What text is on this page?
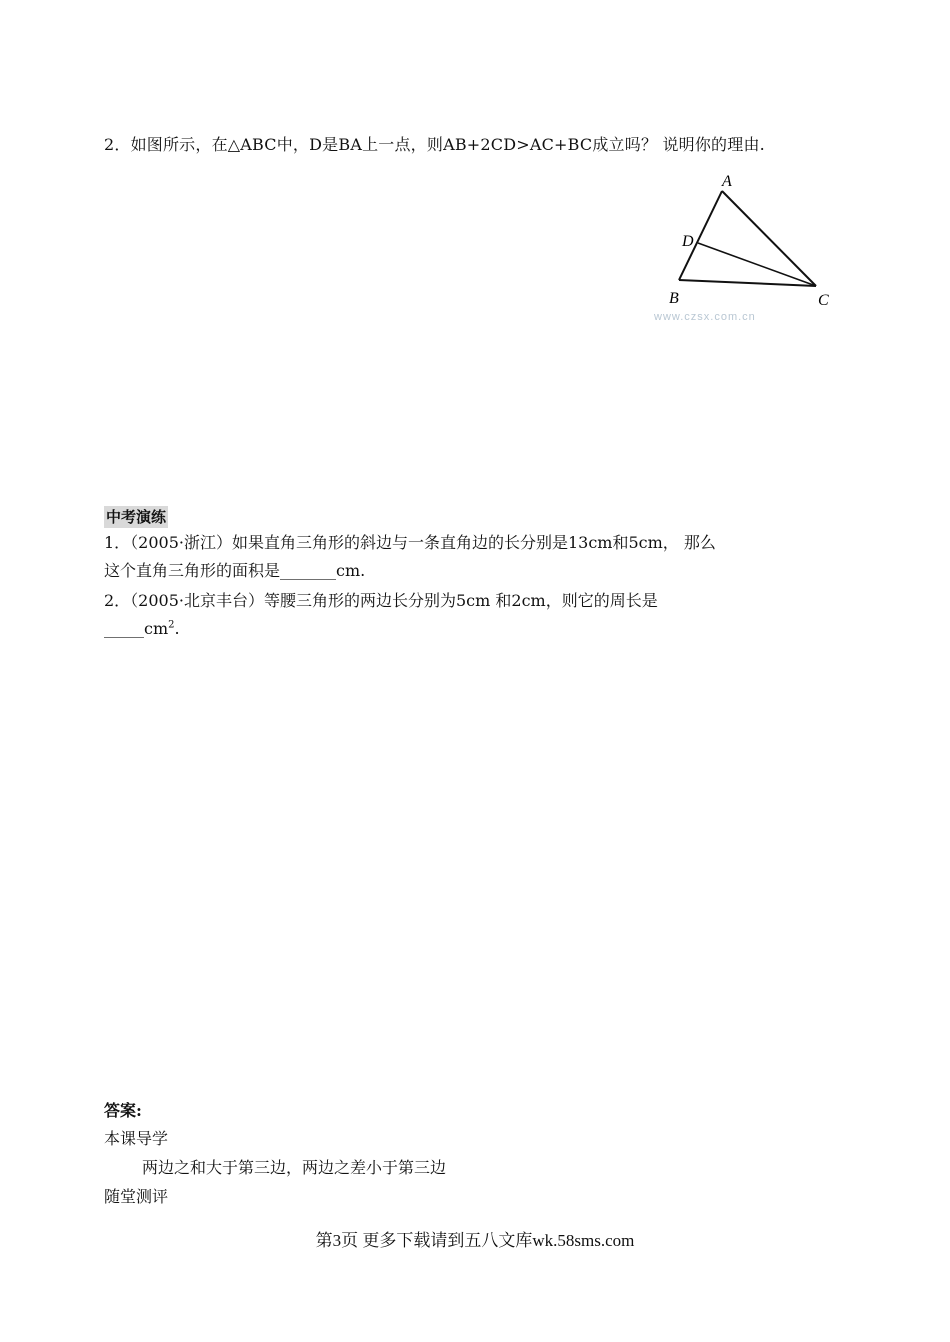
2．如图所示，在△ABC中，D是BA上一点，则AB+2CD>AC+BC成立吗？ 说明你的理由.
A
D
B	C
www.czsx.com.cn
中考演练
1．（2005·浙江）如果直角三角形的斜边与一条直角边的长分别是13cm和5cm， 那么
这个直角三角形的面积是_______cm.
2．（2005·北京丰台）等腰三角形的两边长分别为5cm 和2cm，则它的周长是
$\_\_\_\_\_cm^2$.
答案:
本课导学
两边之和大于第三边，两边之差小于第三边
随堂测评
第3页 更多下载请到五八文库wk.58sms.com
